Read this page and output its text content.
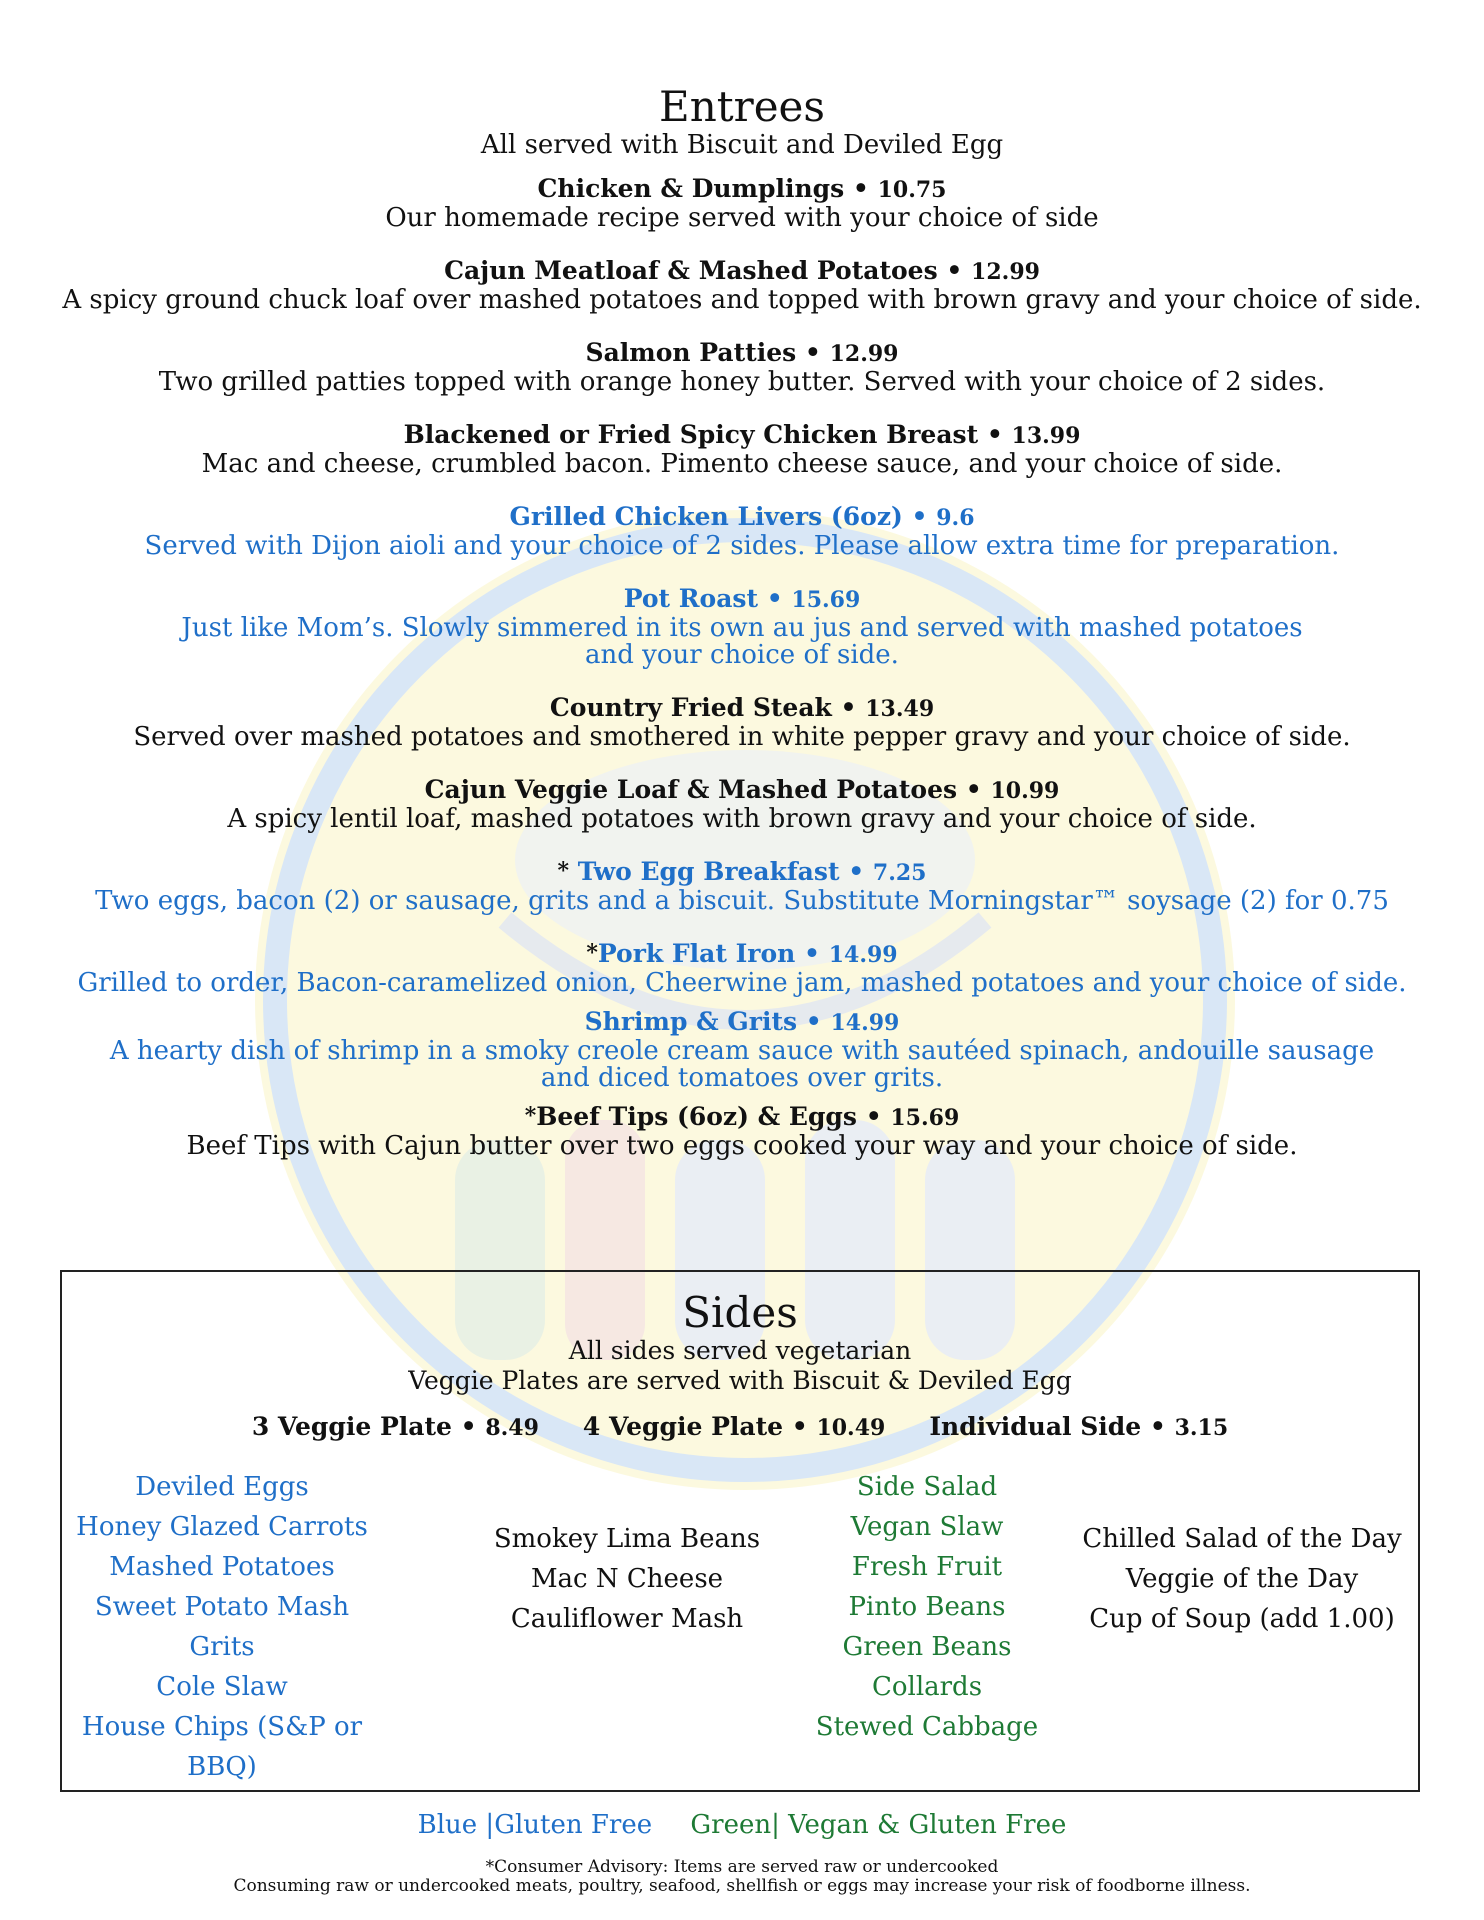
Entrees
All served with Biscuit and Deviled Egg
Chicken & Dumplings • 10.75
Our homemade recipe served with your choice of side
Cajun Meatloaf & Mashed Potatoes • 12.99
A spicy ground chuck loaf over mashed potatoes and topped with brown gravy and your choice of side.
Salmon Patties • 12.99
Two grilled patties topped with orange honey butter. Served with your choice of 2 sides.
Blackened or Fried Spicy Chicken Breast • 13.99
Mac and cheese, crumbled bacon. Pimento cheese sauce, and your choice of side.
Grilled Chicken Livers (6oz) • 9.6
Served with Dijon aioli and your choice of 2 sides. Please allow extra time for preparation.
Pot Roast • 15.69
Just like Mom’s. Slowly simmered in its own au jus and served with mashed potatoes
and your choice of side.
Country Fried Steak • 13.49
Served over mashed potatoes and smothered in white pepper gravy and your choice of side.
Cajun Veggie Loaf & Mashed Potatoes • 10.99
A spicy lentil loaf, mashed potatoes with brown gravy and your choice of side.
* Two Egg Breakfast • 7.25
Two eggs, bacon (2) or sausage, grits and a biscuit. Substitute Morningstar™ soysage (2) for 0.75
*Pork Flat Iron • 14.99
Grilled to order, Bacon-caramelized onion, Cheerwine jam, mashed potatoes and your choice of side.
Shrimp & Grits • 14.99
A hearty dish of shrimp in a smoky creole cream sauce with sautéed spinach, andouille sausage
and diced tomatoes over grits.
*Beef Tips (6oz) & Eggs • 15.69
Beef Tips with Cajun butter over two eggs cooked your way and your choice of side.
Sides
All sides served vegetarian
Veggie Plates are served with Biscuit & Deviled Egg
3 Veggie Plate • 8.49 4 Veggie Plate • 10.49 Individual Side • 3.15
Deviled Eggs
Honey Glazed Carrots
Mashed Potatoes
Sweet Potato Mash
Grits
Cole Slaw
House Chips (S&P or BBQ)
Smokey Lima Beans
Mac N Cheese
Cauliflower Mash
Side Salad
Vegan Slaw
Fresh Fruit
Pinto Beans
Green Beans
Collards
Stewed Cabbage
Chilled Salad of the Day
Veggie of the Day
Cup of Soup (add 1.00)
Blue |Gluten Free Green| Vegan & Gluten Free
*Consumer Advisory: Items are served raw or undercooked
Consuming raw or undercooked meats, poultry, seafood, shellfish or eggs may increase your risk of foodborne illness.
